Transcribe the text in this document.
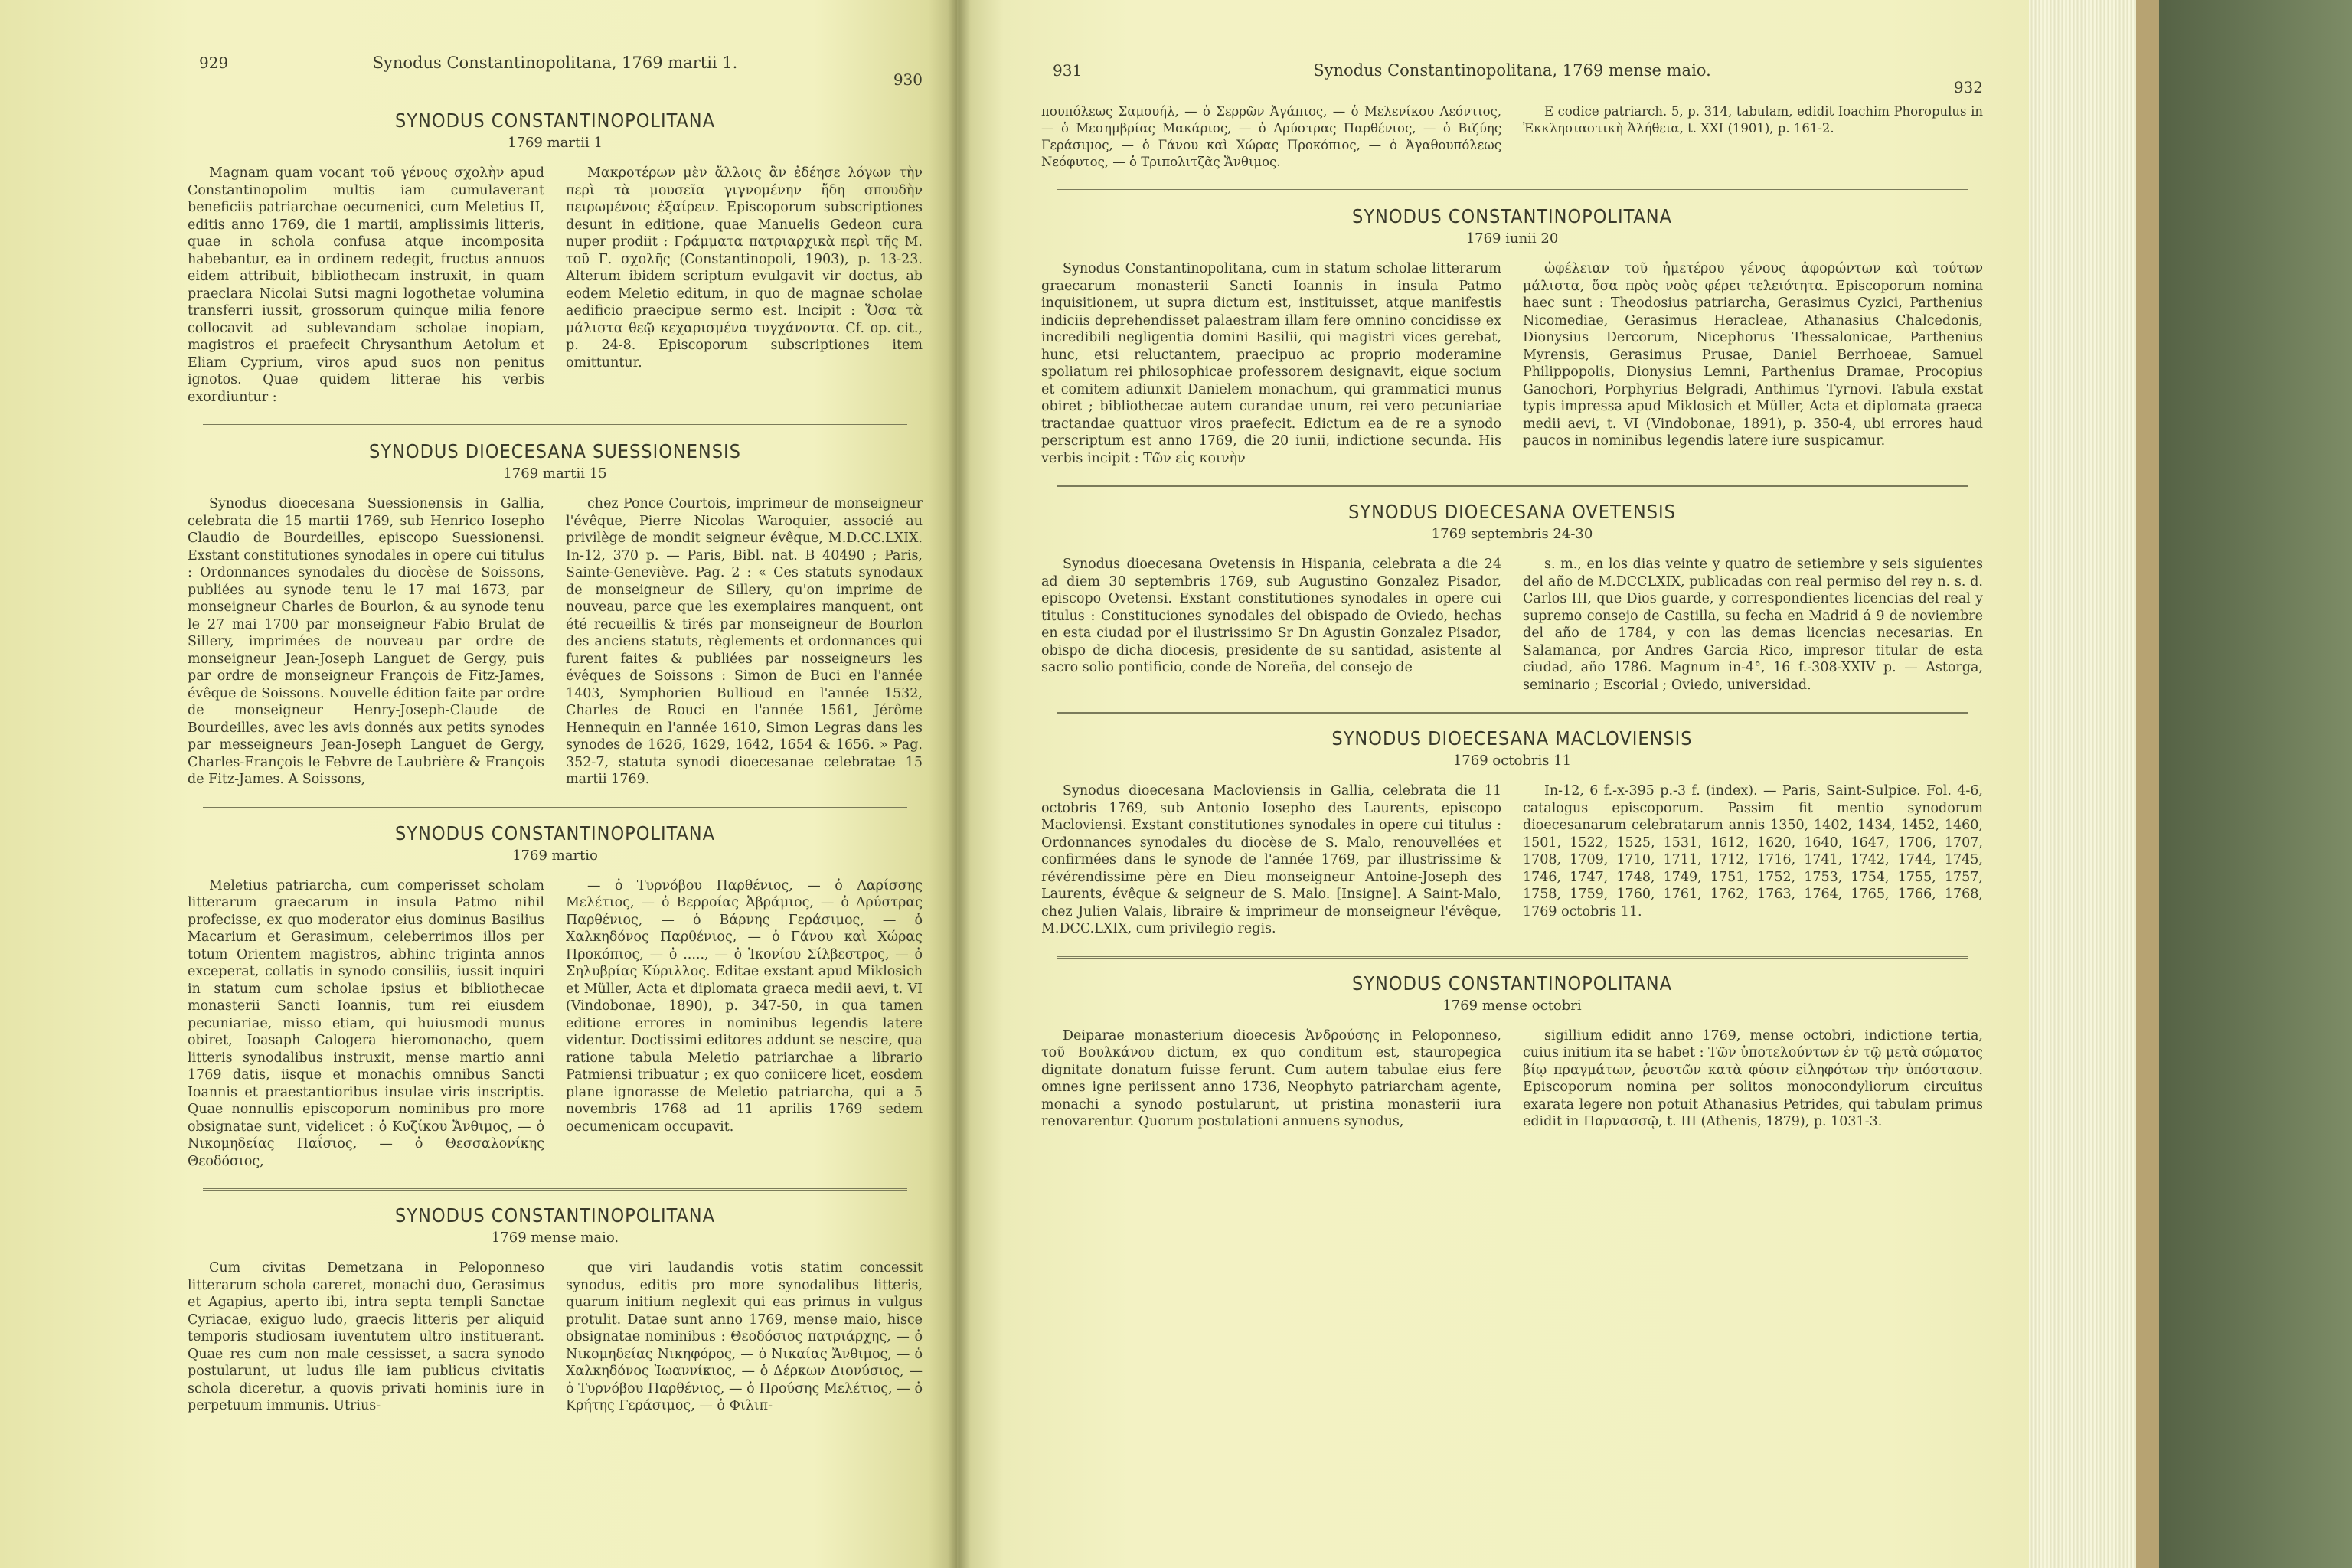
929	Synodus Constantinopolitana, 1769 martii 1.
930
SYNODUS CONSTANTINOPOLITANA
1769 martii 1

Magnam quam vocant τοῦ γένους σχολὴν apud Constantinopolim multis iam cumulaverant beneficiis patriarchae oecumenici, cum Meletius II, editis anno 1769, die 1 martii, amplissimis litteris, quae in schola confusa atque incomposita habebantur, ea in ordinem redegit, fructus annuos eidem attribuit, bibliothecam instruxit, in quam praeclara Nicolai Sutsi magni logothetae volumina transferri iussit, grossorum quinque milia fenore collocavit ad sublevandam scholae inopiam, magistros ei praefecit Chrysanthum Aetolum et Eliam Cyprium, viros apud suos non penitus ignotos. Quae quidem litterae his verbis exordiuntur :

Μακροτέρων μὲν ἄλλοις ἂν ἐδέησε λόγων τὴν περὶ τὰ μουσεῖα γιγνομένην ἤδη σπουδὴν πειρωμένοις ἐξαίρειν. Episcoporum subscriptiones desunt in editione, quae Manuelis Gedeon cura nuper prodiit : Γράμματα πατριαρχικὰ περὶ τῆς Μ. τοῦ Γ. σχολῆς (Constantinopoli, 1903), p. 13-23. Alterum ibidem scriptum evulgavit vir doctus, ab eodem Meletio editum, in quo de magnae scholae aedificio praecipue sermo est. Incipit : Ὅσα τὰ μάλιστα θεῷ κεχαρισμένα τυγχάνοντα. Cf. op. cit., p. 24-8. Episcoporum subscriptiones item omittuntur.

SYNODUS DIOECESANA SUESSIONENSIS
1769 martii 15

Synodus dioecesana Suessionensis in Gallia, celebrata die 15 martii 1769, sub Henrico Iosepho Claudio de Bourdeilles, episcopo Suessionensi. Exstant constitutiones synodales in opere cui titulus : Ordonnances synodales du diocèse de Soissons, publiées au synode tenu le 17 mai 1673, par monseigneur Charles de Bourlon, & au synode tenu le 27 mai 1700 par monseigneur Fabio Brulat de Sillery, imprimées de nouveau par ordre de monseigneur Jean-Joseph Languet de Gergy, puis par ordre de monseigneur François de Fitz-James, évêque de Soissons. Nouvelle édition faite par ordre de monseigneur Henry-Joseph-Claude de Bourdeilles, avec les avis donnés aux petits synodes par messeigneurs Jean-Joseph Languet de Gergy, Charles-François le Febvre de Laubrière & François de Fitz-James. A Soissons,

chez Ponce Courtois, imprimeur de monseigneur l'évêque, Pierre Nicolas Waroquier, associé au privilège de mondit seigneur évêque, M.D.CC.LXIX. In-12, 370 p. — Paris, Bibl. nat. B 40490 ; Paris, Sainte-Geneviève. Pag. 2 : « Ces statuts synodaux de monseigneur de Sillery, qu'on imprime de nouveau, parce que les exemplaires manquent, ont été recueillis & tirés par monseigneur de Bourlon des anciens statuts, règlements et ordonnances qui furent faites & publiées par nosseigneurs les évêques de Soissons : Simon de Buci en l'année 1403, Symphorien Bullioud en l'année 1532, Charles de Rouci en l'année 1561, Jérôme Hennequin en l'année 1610, Simon Legras dans les synodes de 1626, 1629, 1642, 1654 & 1656. » Pag. 352-7, statuta synodi dioecesanae celebratae 15 martii 1769.

SYNODUS CONSTANTINOPOLITANA
1769 martio

Meletius patriarcha, cum comperisset scholam litterarum graecarum in insula Patmo nihil profecisse, ex quo moderator eius dominus Basilius Macarium et Gerasimum, celeberrimos illos per totum Orientem magistros, abhinc triginta annos exceperat, collatis in synodo consiliis, iussit inquiri in statum cum scholae ipsius et bibliothecae monasterii Sancti Ioannis, tum rei eiusdem pecuniariae, misso etiam, qui huiusmodi munus obiret, Ioasaph Calogera hieromonacho, quem litteris synodalibus instruxit, mense martio anni 1769 datis, iisque et monachis omnibus Sancti Ioannis et praestantioribus insulae viris inscriptis. Quae nonnullis episcoporum nominibus pro more obsignatae sunt, videlicet : ὁ Κυζίκου Ἄνθιμος, — ὁ Νικομηδείας Παΐσιος, — ὁ Θεσσαλονίκης Θεοδόσιος,

— ὁ Τυρνόβου Παρθένιος, — ὁ Λαρίσσης Μελέτιος, — ὁ Βερροίας Ἀβράμιος, — ὁ Δρύστρας Παρθένιος, — ὁ Βάρνης Γεράσιμος, — ὁ Χαλκηδόνος Παρθένιος, — ὁ Γάνου καὶ Χώρας Προκόπιος, — ὁ ....., — ὁ Ἰκονίου Σίλβεστρος, — ὁ Σηλυβρίας Κύριλλος. Editae exstant apud Miklosich et Müller, Acta et diplomata graeca medii aevi, t. VI (Vindobonae, 1890), p. 347-50, in qua tamen editione errores in nominibus legendis latere videntur. Doctissimi editores addunt se nescire, qua ratione tabula Meletio patriarchae a librario Patmiensi tribuatur ; ex quo coniicere licet, eosdem plane ignorasse de Meletio patriarcha, qui a 5 novembris 1768 ad 11 aprilis 1769 sedem oecumenicam occupavit.

SYNODUS CONSTANTINOPOLITANA
1769 mense maio.

Cum civitas Demetzana in Peloponneso litterarum schola careret, monachi duo, Gerasimus et Agapius, aperto ibi, intra septa templi Sanctae Cyriacae, exiguo ludo, graecis litteris per aliquid temporis studiosam iuventutem ultro instituerant. Quae res cum non male cessisset, a sacra synodo postularunt, ut ludus ille iam publicus civitatis schola diceretur, a quovis privati hominis iure in perpetuum immunis. Utrius-

que viri laudandis votis statim concessit synodus, editis pro more synodalibus litteris, quarum initium neglexit qui eas primus in vulgus protulit. Datae sunt anno 1769, mense maio, hisce obsignatae nominibus : Θεοδόσιος πατριάρχης, — ὁ Νικομηδείας Νικηφόρος, — ὁ Νικαίας Ἄνθιμος, — ὁ Χαλκηδόνος Ἰωαννίκιος, — ὁ Δέρκων Διονύσιος, — ὁ Τυρνόβου Παρθένιος, — ὁ Προύσης Μελέτιος, — ὁ Κρήτης Γεράσιμος, — ὁ Φιλιπ-

931	Synodus Constantinopolitana, 1769 mense maio.
932

πουπόλεως Σαμουήλ, — ὁ Σερρῶν Ἀγάπιος, — ὁ Μελενίκου Λεόντιος, — ὁ Μεσημβρίας Μακάριος, — ὁ Δρύστρας Παρθένιος, — ὁ Βιζύης Γεράσιμος, — ὁ Γάνου καὶ Χώρας Προκόπιος, — ὁ Ἀγαθουπόλεως Νεόφυτος, — ὁ Τριπολιτζᾶς Ἄνθιμος.

E codice patriarch. 5, p. 314, tabulam, edidit Ioachim Phoropulus in Ἐκκλησιαστικὴ Ἀλήθεια, t. XXI (1901), p. 161-2.

SYNODUS CONSTANTINOPOLITANA
1769 iunii 20

Synodus Constantinopolitana, cum in statum scholae litterarum graecarum monasterii Sancti Ioannis in insula Patmo inquisitionem, ut supra dictum est, instituisset, atque manifestis indiciis deprehendisset palaestram illam fere omnino concidisse ex incredibili negligentia domini Basilii, qui magistri vices gerebat, hunc, etsi reluctantem, praecipuo ac proprio moderamine spoliatum rei philosophicae professorem designavit, eique socium et comitem adiunxit Danielem monachum, qui grammatici munus obiret ; bibliothecae autem curandae unum, rei vero pecuniariae tractandae quattuor viros praefecit. Edictum ea de re a synodo perscriptum est anno 1769, die 20 iunii, indictione secunda. His verbis incipit : Τῶν εἰς κοινὴν

ὠφέλειαν τοῦ ἡμετέρου γένους ἀφορώντων καὶ τούτων μάλιστα, ὅσα πρὸς νοὸς φέρει τελειότητα. Episcoporum nomina haec sunt : Theodosius patriarcha, Gerasimus Cyzici, Parthenius Nicomediae, Gerasimus Heracleae, Athanasius Chalcedonis, Dionysius Dercorum, Nicephorus Thessalonicae, Parthenius Myrensis, Gerasimus Prusae, Daniel Berrhoeae, Samuel Philippopolis, Dionysius Lemni, Parthenius Dramae, Procopius Ganochori, Porphyrius Belgradi, Anthimus Tyrnovi. Tabula exstat typis impressa apud Miklosich et Müller, Acta et diplomata graeca medii aevi, t. VI (Vindobonae, 1891), p. 350-4, ubi errores haud paucos in nominibus legendis latere iure suspicamur.

SYNODUS DIOECESANA OVETENSIS
1769 septembris 24-30

Synodus dioecesana Ovetensis in Hispania, celebrata a die 24 ad diem 30 septembris 1769, sub Augustino Gonzalez Pisador, episcopo Ovetensi. Exstant constitutiones synodales in opere cui titulus : Constituciones synodales del obispado de Oviedo, hechas en esta ciudad por el ilustrissimo Sr Dn Agustin Gonzalez Pisador, obispo de dicha diocesis, presidente de su santidad, asistente al sacro solio pontificio, conde de Noreña, del consejo de

s. m., en los dias veinte y quatro de setiembre y seis siguientes del año de M.DCCLXIX, publicadas con real permiso del rey n. s. d. Carlos III, que Dios guarde, y correspondientes licencias del real y supremo consejo de Castilla, su fecha en Madrid á 9 de noviembre del año de 1784, y con las demas licencias necesarias. En Salamanca, por Andres Garcia Rico, impresor titular de esta ciudad, año 1786. Magnum in-4°, 16 f.-308-XXIV p. — Astorga, seminario ; Escorial ; Oviedo, universidad.

SYNODUS DIOECESANA MACLOVIENSIS
1769 octobris 11

Synodus dioecesana Macloviensis in Gallia, celebrata die 11 octobris 1769, sub Antonio Iosepho des Laurents, episcopo Macloviensi. Exstant constitutiones synodales in opere cui titulus : Ordonnances synodales du diocèse de S. Malo, renouvellées et confirmées dans le synode de l'année 1769, par illustrissime & révérendissime père en Dieu monseigneur Antoine-Joseph des Laurents, évêque & seigneur de S. Malo. [Insigne]. A Saint-Malo, chez Julien Valais, libraire & imprimeur de monseigneur l'évêque, M.DCC.LXIX, cum privilegio regis.

In-12, 6 f.-x-395 p.-3 f. (index). — Paris, Saint-Sulpice. Fol. 4-6, catalogus episcoporum. Passim fit mentio synodorum dioecesanarum celebratarum annis 1350, 1402, 1434, 1452, 1460, 1501, 1522, 1525, 1531, 1612, 1620, 1640, 1647, 1706, 1707, 1708, 1709, 1710, 1711, 1712, 1716, 1741, 1742, 1744, 1745, 1746, 1747, 1748, 1749, 1751, 1752, 1753, 1754, 1755, 1757, 1758, 1759, 1760, 1761, 1762, 1763, 1764, 1765, 1766, 1768, 1769 octobris 11.

SYNODUS CONSTANTINOPOLITANA
1769 mense octobri

Deiparae monasterium dioecesis Ἀνδρούσης in Peloponneso, τοῦ Βουλκάνου dictum, ex quo conditum est, stauropegica dignitate donatum fuisse ferunt. Cum autem tabulae eius fere omnes igne periissent anno 1736, Neophyto patriarcham agente, monachi a synodo postularunt, ut pristina monasterii iura renovarentur. Quorum postulationi annuens synodus,

sigillium edidit anno 1769, mense octobri, indictione tertia, cuius initium ita se habet : Τῶν ὑποτελούντων ἐν τῷ μετὰ σώματος βίῳ πραγμάτων, ῥευστῶν κατὰ φύσιν εἰληφότων τὴν ὑπόστασιν. Episcoporum nomina per solitos monocondyliorum circuitus exarata legere non potuit Athanasius Petrides, qui tabulam primus edidit in Παρνασσῷ, t. III (Athenis, 1879), p. 1031-3.
